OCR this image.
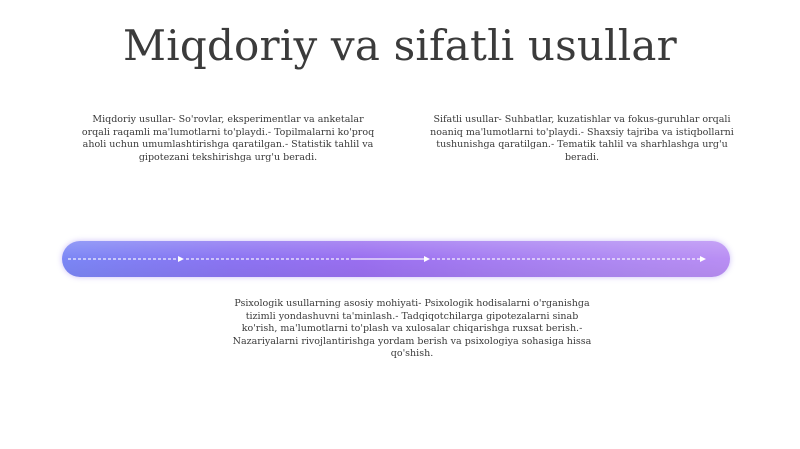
Miqdoriy va sifatli usullar

Miqdoriy usullar- So'rovlar, eksperimentlar va anketalar orqali raqamli ma'lumotlarni to'playdi.- Topilmalarni ko'proq aholi uchun umumlashtirishga qaratilgan.- Statistik tahlil va gipotezani tekshirishga urg'u beradi.

Sifatli usullar- Suhbatlar, kuzatishlar va fokus-guruhlar orqali noaniq ma'lumotlarni to'playdi.- Shaxsiy tajriba va istiqbollarni tushunishga qaratilgan.- Tematik tahlil va sharhlashga urg'u beradi.

Psixologik usullarning asosiy mohiyati- Psixologik hodisalarni o'rganishga tizimli yondashuvni ta'minlash.- Tadqiqotchilarga gipotezalarni sinab ko'rish, ma'lumotlarni to'plash va xulosalar chiqarishga ruxsat berish.- Nazariyalarni rivojlantirishga yordam berish va psixologiya sohasiga hissa qo'shish.
